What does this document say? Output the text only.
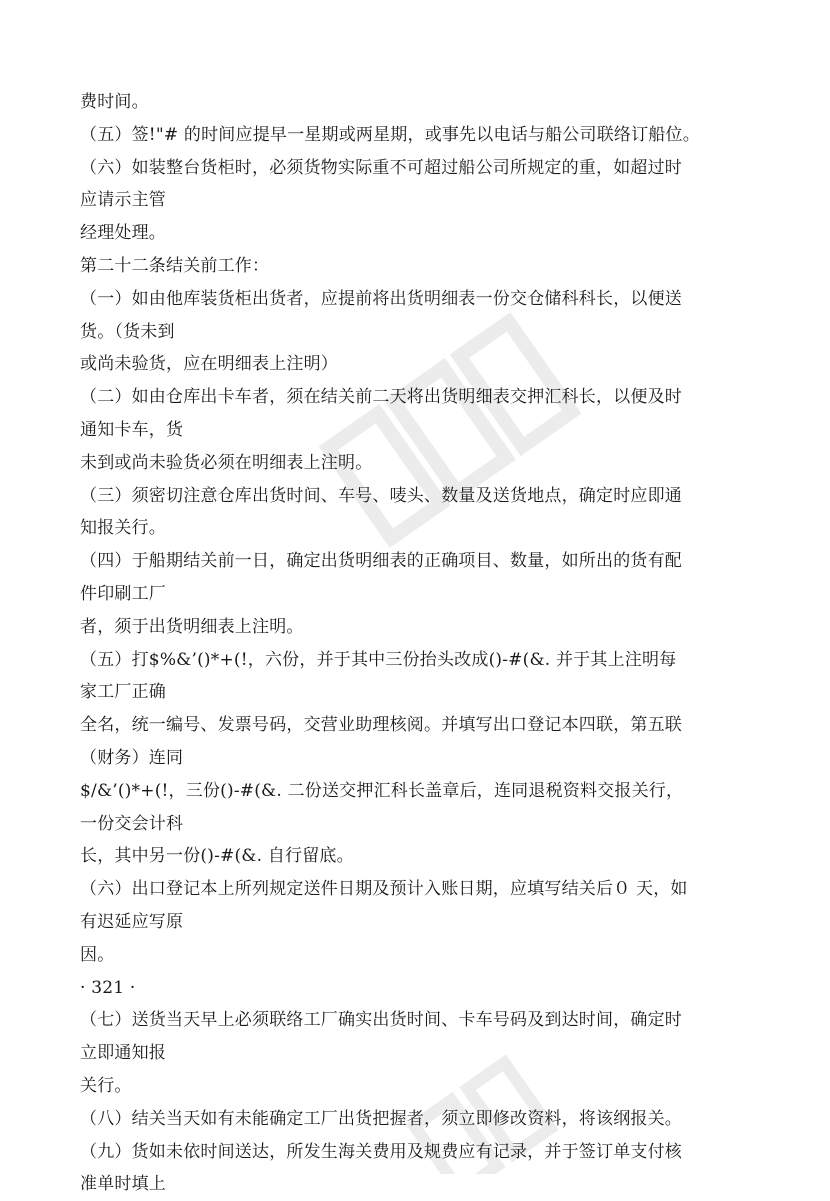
费时间。
（五）签!"# 的时间应提早一星期或两星期，或事先以电话与船公司联络订船位。
（六）如装整台货柜时，必须货物实际重不可超过船公司所规定的重，如超过时
应请示主管
经理处理。
第二十二条结关前工作：
（一）如由他库装货柜出货者，应提前将出货明细表一份交仓储科科长，以便送
货。（货未到
或尚未验货，应在明细表上注明）
（二）如由仓库出卡车者，须在结关前二天将出货明细表交押汇科长，以便及时
通知卡车，货
未到或尚未验货必须在明细表上注明。
（三）须密切注意仓库出货时间、车号、唛头、数量及送货地点，确定时应即通
知报关行。
（四）于船期结关前一日，确定出货明细表的正确项目、数量，如所出的货有配
件印刷工厂
者，须于出货明细表上注明。
（五）打$%&’()*+(!，六份，并于其中三份抬头改成()-#(&. 并于其上注明每
家工厂正确
全名，统一编号、发票号码，交营业助理核阅。并填写出口登记本四联，第五联
（财务）连同
$/&’()*+(!，三份()-#(&. 二份送交押汇科长盖章后，连同退税资料交报关行，
一份交会计科
长，其中另一份()-#(&. 自行留底。
（六）出口登记本上所列规定送件日期及预计入账日期，应填写结关后０ 天，如
有迟延应写原
因。
· 321 ·
（七）送货当天早上必须联络工厂确实出货时间、卡车号码及到达时间，确定时
立即通知报
关行。
（八）结关当天如有未能确定工厂出货把握者，须立即修改资料，将该纲报关。
（九）货如未依时间送达，所发生海关费用及规费应有记录，并于签订单支付核
准单时填上
